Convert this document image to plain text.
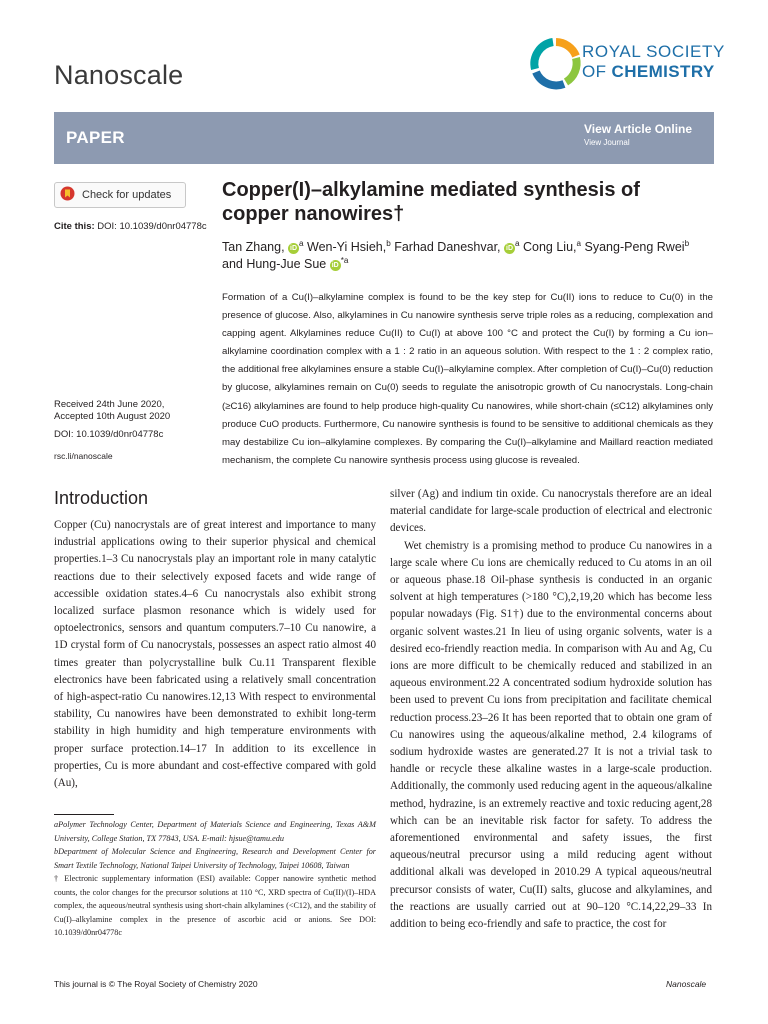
Nanoscale
ROYAL SOCIETY
OF CHEMISTRY
PAPER	View Article Online
View Journal
Check for updates
Cite this: DOI: 10.1039/d0nr04778c
Copper(I)–alkylamine mediated synthesis of
copper nanowires†
Tan Zhang, $iD^a$ Wen-Yi Hsieh,$^b$ Farhad Daneshvar, $iD^a$ Cong Liu,$^a$ Syang-Peng Rwei$^b$
and Hung-Jue Sue $iD^{*a}$
Formation of a Cu(I)–alkylamine complex is found to be the key step for Cu(II) ions to reduce to Cu(0) in the presence of glucose. Also, alkylamines in Cu nanowire synthesis serve triple roles as a reducing, complexation and capping agent. Alkylamines reduce Cu(II) to Cu(I) at above 100 °C and protect the Cu(I) by forming a Cu ion–alkylamine coordination complex with a 1 : 2 ratio in an aqueous solution. With respect to the 1 : 2 complex ratio, the additional free alkylamines ensure a stable Cu(I)–alkylamine complex. After completion of Cu(I)–Cu(0) reduction by glucose, alkylamines remain on Cu(0) seeds to regulate the anisotropic growth of Cu nanocrystals. Long-chain (≥C16) alkylamines are found to help produce high-quality Cu nanowires, while short-chain (≤C12) alkylamines only produce CuO products. Furthermore, Cu nanowire synthesis is found to be sensitive to additional chemicals as they may destabilize Cu ion–alkylamine complexes. By comparing the Cu(I)–alkylamine and Maillard reaction mediated mechanism, the complete Cu nanowire synthesis process using glucose is revealed.
Received 24th June 2020,
Accepted 10th August 2020
DOI: 10.1039/d0nr04778c
rsc.li/nanoscale
Introduction

Copper (Cu) nanocrystals are of great interest and importance to many industrial applications owing to their superior physical and chemical properties.1–3 Cu nanocrystals play an important role in many catalytic reactions due to their selectively exposed facets and wide range of accessible oxidation states.4–6 Cu nanocrystals also exhibit strong localized surface plasmon resonance which is widely used for optoelectronics, sensors and quantum computers.7–10 Cu nanowire, a 1D crystal form of Cu nanocrystals, possesses an aspect ratio almost 40 times greater than polycrystalline bulk Cu.11 Transparent flexible electronics have been fabricated using a relatively small concentration of high-aspect-ratio Cu nanowires.12,13 With respect to environmental stability, Cu nanowires have been demonstrated to exhibit long-term stability in high humidity and high temperature environments with proper surface protection.14–17 In addition to its excellence in properties, Cu is more abundant and cost-effective compared with gold (Au),

silver (Ag) and indium tin oxide. Cu nanocrystals therefore are an ideal material candidate for large-scale production of electrical and electronic devices.

Wet chemistry is a promising method to produce Cu nanowires in a large scale where Cu ions are chemically reduced to Cu atoms in an oil or aqueous phase.18 Oil-phase synthesis is conducted in an organic solvent at high temperatures (>180 °C),2,19,20 which has become less popular nowadays (Fig. S1†) due to the environmental concerns about organic solvent wastes.21 In lieu of using organic solvents, water is a desired eco-friendly reaction media. In comparison with Au and Ag, Cu ions are more difficult to be chemically reduced and stabilized in an aqueous environment.22 A concentrated sodium hydroxide solution has been used to prevent Cu ions from precipitation and facilitate chemical reduction process.23–26 It has been reported that to obtain one gram of Cu nanowires using the aqueous/alkaline method, 2.4 kilograms of sodium hydroxide wastes are generated.27 It is not a trivial task to handle or recycle these alkaline wastes in a large-scale production. Additionally, the commonly used reducing agent in the aqueous/alkaline method, hydrazine, is an extremely reactive and toxic reducing agent,28 which can be an inevitable risk factor for safety. To address the aforementioned environmental and safety issues, the first aqueous/neutral precursor using a mild reducing agent without additional alkali was developed in 2010.29 A typical aqueous/neutral precursor consists of water, Cu(II) salts, glucose and alkylamines, and the reactions are usually carried out at 90–120 °C.14,22,29–33 In addition to being eco-friendly and safe to practice, the cost for

aPolymer Technology Center, Department of Materials Science and Engineering, Texas A&M University, College Station, TX 77843, USA. E-mail: hjsue@tamu.edu

bDepartment of Molecular Science and Engineering, Research and Development Center for Smart Textile Technology, National Taipei University of Technology, Taipei 10608, Taiwan

† Electronic supplementary information (ESI) available: Copper nanowire synthetic method counts, the color changes for the precursor solutions at 110 °C, XRD spectra of Cu(II)/(I)–HDA complex, the aqueous/neutral synthesis using short-chain alkylamines (<C12), and the stability of Cu(I)–alkylamine complex in the presence of ascorbic acid or anions. See DOI: 10.1039/d0nr04778c

This journal is © The Royal Society of Chemistry 2020	Nanoscale
